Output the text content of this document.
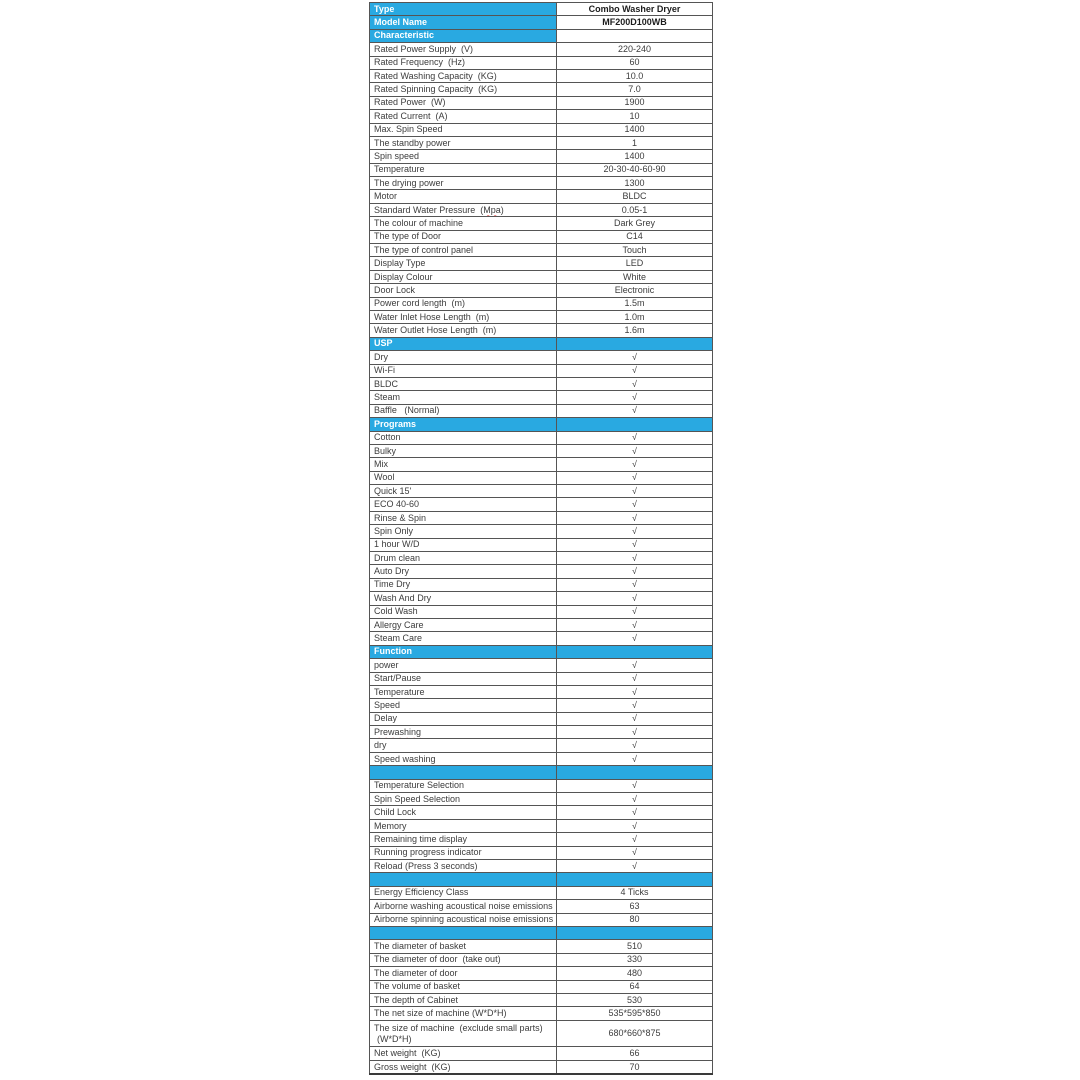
Type	Combo Washer Dryer
Model Name	MF200D100WB
Characteristic	
Rated Power Supply  (V)	220-240
Rated Frequency  (Hz)	60
Rated Washing Capacity  (KG)	10.0
Rated Spinning Capacity  (KG)	7.0
Rated Power  (W)	1900
Rated Current  (A)	10
Max. Spin Speed	1400
The standby power	1
Spin speed	1400
Temperature	20-30-40-60-90
The drying power	1300
Motor	BLDC
Standard Water Pressure  (Mpa)	0.05-1
The colour of machine	Dark Grey
The type of Door	C14
The type of control panel	Touch
Display Type	LED
Display Colour	White
Door Lock	Electronic
Power cord length  (m)	1.5m
Water Inlet Hose Length  (m)	1.0m
Water Outlet Hose Length  (m)	1.6m
USP	
Dry	√
Wi-Fi	√
BLDC	√
Steam	√
Baffle   (Normal)	√
Programs	
Cotton	√
Bulky	√
Mix	√
Wool	√
Quick 15'	√
ECO 40-60	√
Rinse & Spin	√
Spin Only	√
1 hour W/D	√
Drum clean	√
Auto Dry	√
Time Dry	√
Wash And Dry	√
Cold Wash	√
Allergy Care	√
Steam Care	√
Function	
power	√
Start/Pause	√
Temperature	√
Speed	√
Delay	√
Prewashing	√
dry	√
Speed washing	√

Temperature Selection	√
Spin Speed Selection	√
Child Lock	√
Memory	√
Remaining time display	√
Running progress indicator	√
Reload (Press 3 seconds)	√

Energy Efficiency Class	4 Ticks
Airborne washing acoustical noise emissions	63
Airborne spinning acoustical noise emissions	80

The diameter of basket	510
The diameter of door  (take out)	330
The diameter of door	480
The volume of basket	64
The depth of Cabinet	530
The net size of machine (W*D*H)	535*595*850

The size of machine  (exclude small parts)
(W*D*H)	680*660*875
Net weight  (KG)	66
Gross weight  (KG)	70
